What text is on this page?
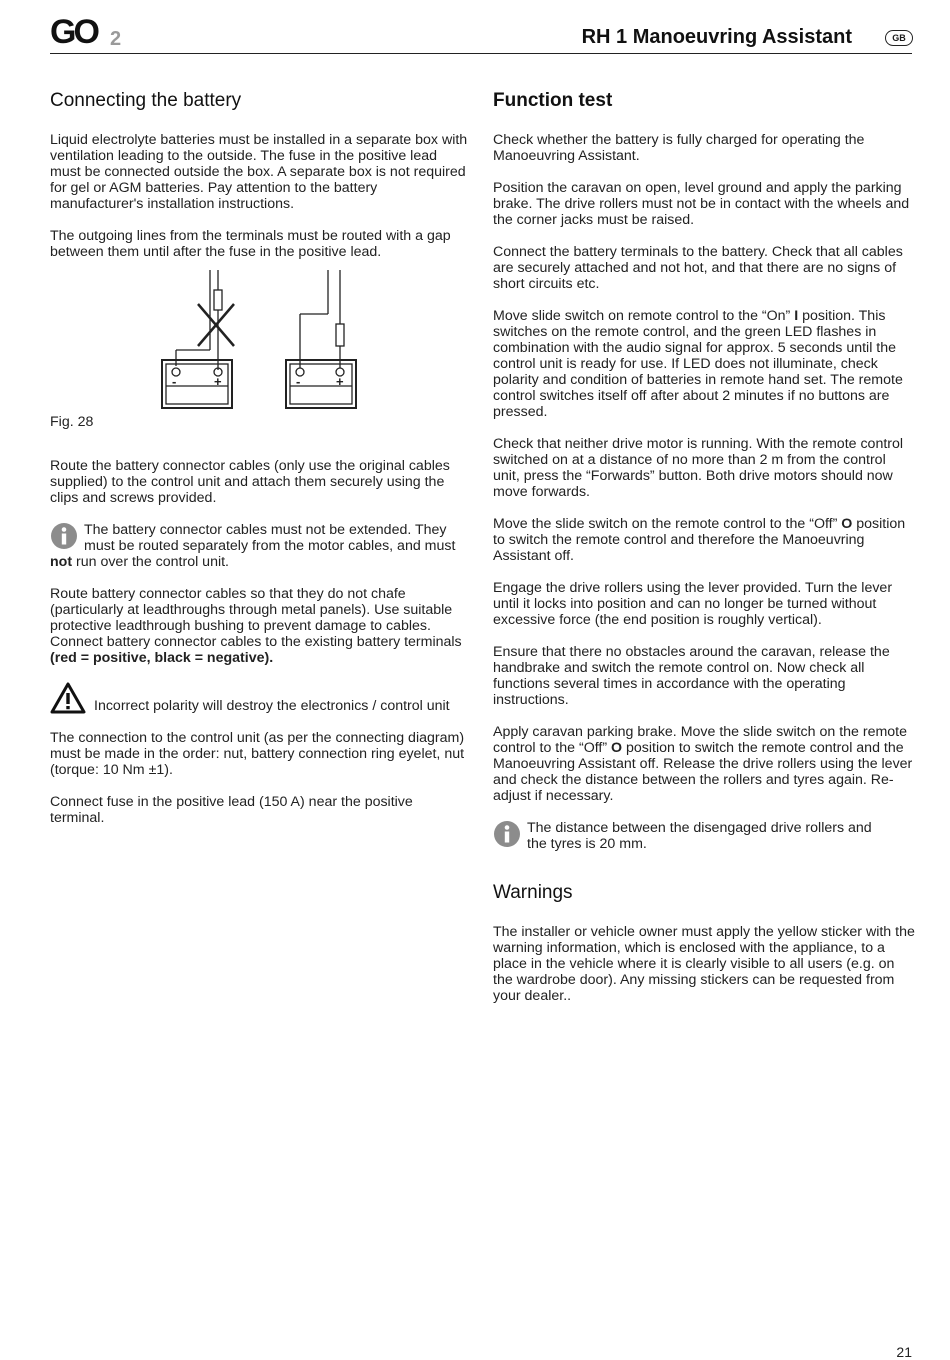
GO 2	RH 1 Manoeuvring Assistant	GB
Connecting the battery

Liquid electrolyte batteries must be installed in a separate box with ventilation leading to the outside. The fuse in the positive lead must be connected outside the box. A separate box is not required for gel or AGM batteries. Pay attention to the battery manufacturer's installation instructions.

The outgoing lines from the terminals must be routed with a gap between them until after the fuse in the positive lead.

-	+	-	+
Fig. 28

Route the battery connector cables (only use the original cables supplied) to the control unit and attach them securely using the clips and screws provided.

The battery connector cables must not be extended. They must be routed separately from the motor cables, and must not run over the control unit.

Route battery connector cables so that they do not chafe (particularly at leadthroughs through metal panels). Use suitable protective leadthrough bushing to prevent damage to cables. Connect battery connector cables to the existing battery terminals (red = positive, black = negative).

Incorrect polarity will destroy the electronics / control unit

The connection to the control unit (as per the connecting diagram) must be made in the order: nut, battery connection ring eyelet, nut (torque: 10 Nm ±1).

Connect fuse in the positive lead (150 A) near the positive terminal.

Function test

Check whether the battery is fully charged for operating the Manoeuvring Assistant.

Position the caravan on open, level ground and apply the parking brake. The drive rollers must not be in contact with the wheels and the corner jacks must be raised.

Connect the battery terminals to the battery. Check that all cables are securely attached and not hot, and that there are no signs of short circuits etc.

Move slide switch on remote control to the “On” I position. This switches on the remote control, and the green LED flashes in combination with the audio signal for approx. 5 seconds until the control unit is ready for use. If LED does not illuminate, check polarity and condition of batteries in remote hand set. The remote control switches itself off after about 2 minutes if no buttons are pressed.

Check that neither drive motor is running. With the remote control switched on at a distance of no more than 2 m from the control unit, press the “Forwards” button. Both drive motors should now move forwards.

Move the slide switch on the remote control to the “Off” O position to switch the remote control and therefore the Manoeuvring Assistant off.

Engage the drive rollers using the lever provided. Turn the lever until it locks into position and can no longer be turned without excessive force (the end position is roughly vertical).

Ensure that there no obstacles around the caravan, release the handbrake and switch the remote control on. Now check all functions several times in accordance with the operating instructions.

Apply caravan parking brake. Move the slide switch on the remote control to the “Off” O position to switch the remote control and the Manoeuvring Assistant off. Release the drive rollers using the lever and check the distance between the rollers and tyres again. Re-adjust if necessary.

The distance between the disengaged drive rollers and the tyres is 20 mm.

Warnings

The installer or vehicle owner must apply the yellow sticker with the warning information, which is enclosed with the appliance, to a place in the vehicle where it is clearly visible to all users (e.g. on the wardrobe door). Any missing stickers can be requested from your dealer..

21
